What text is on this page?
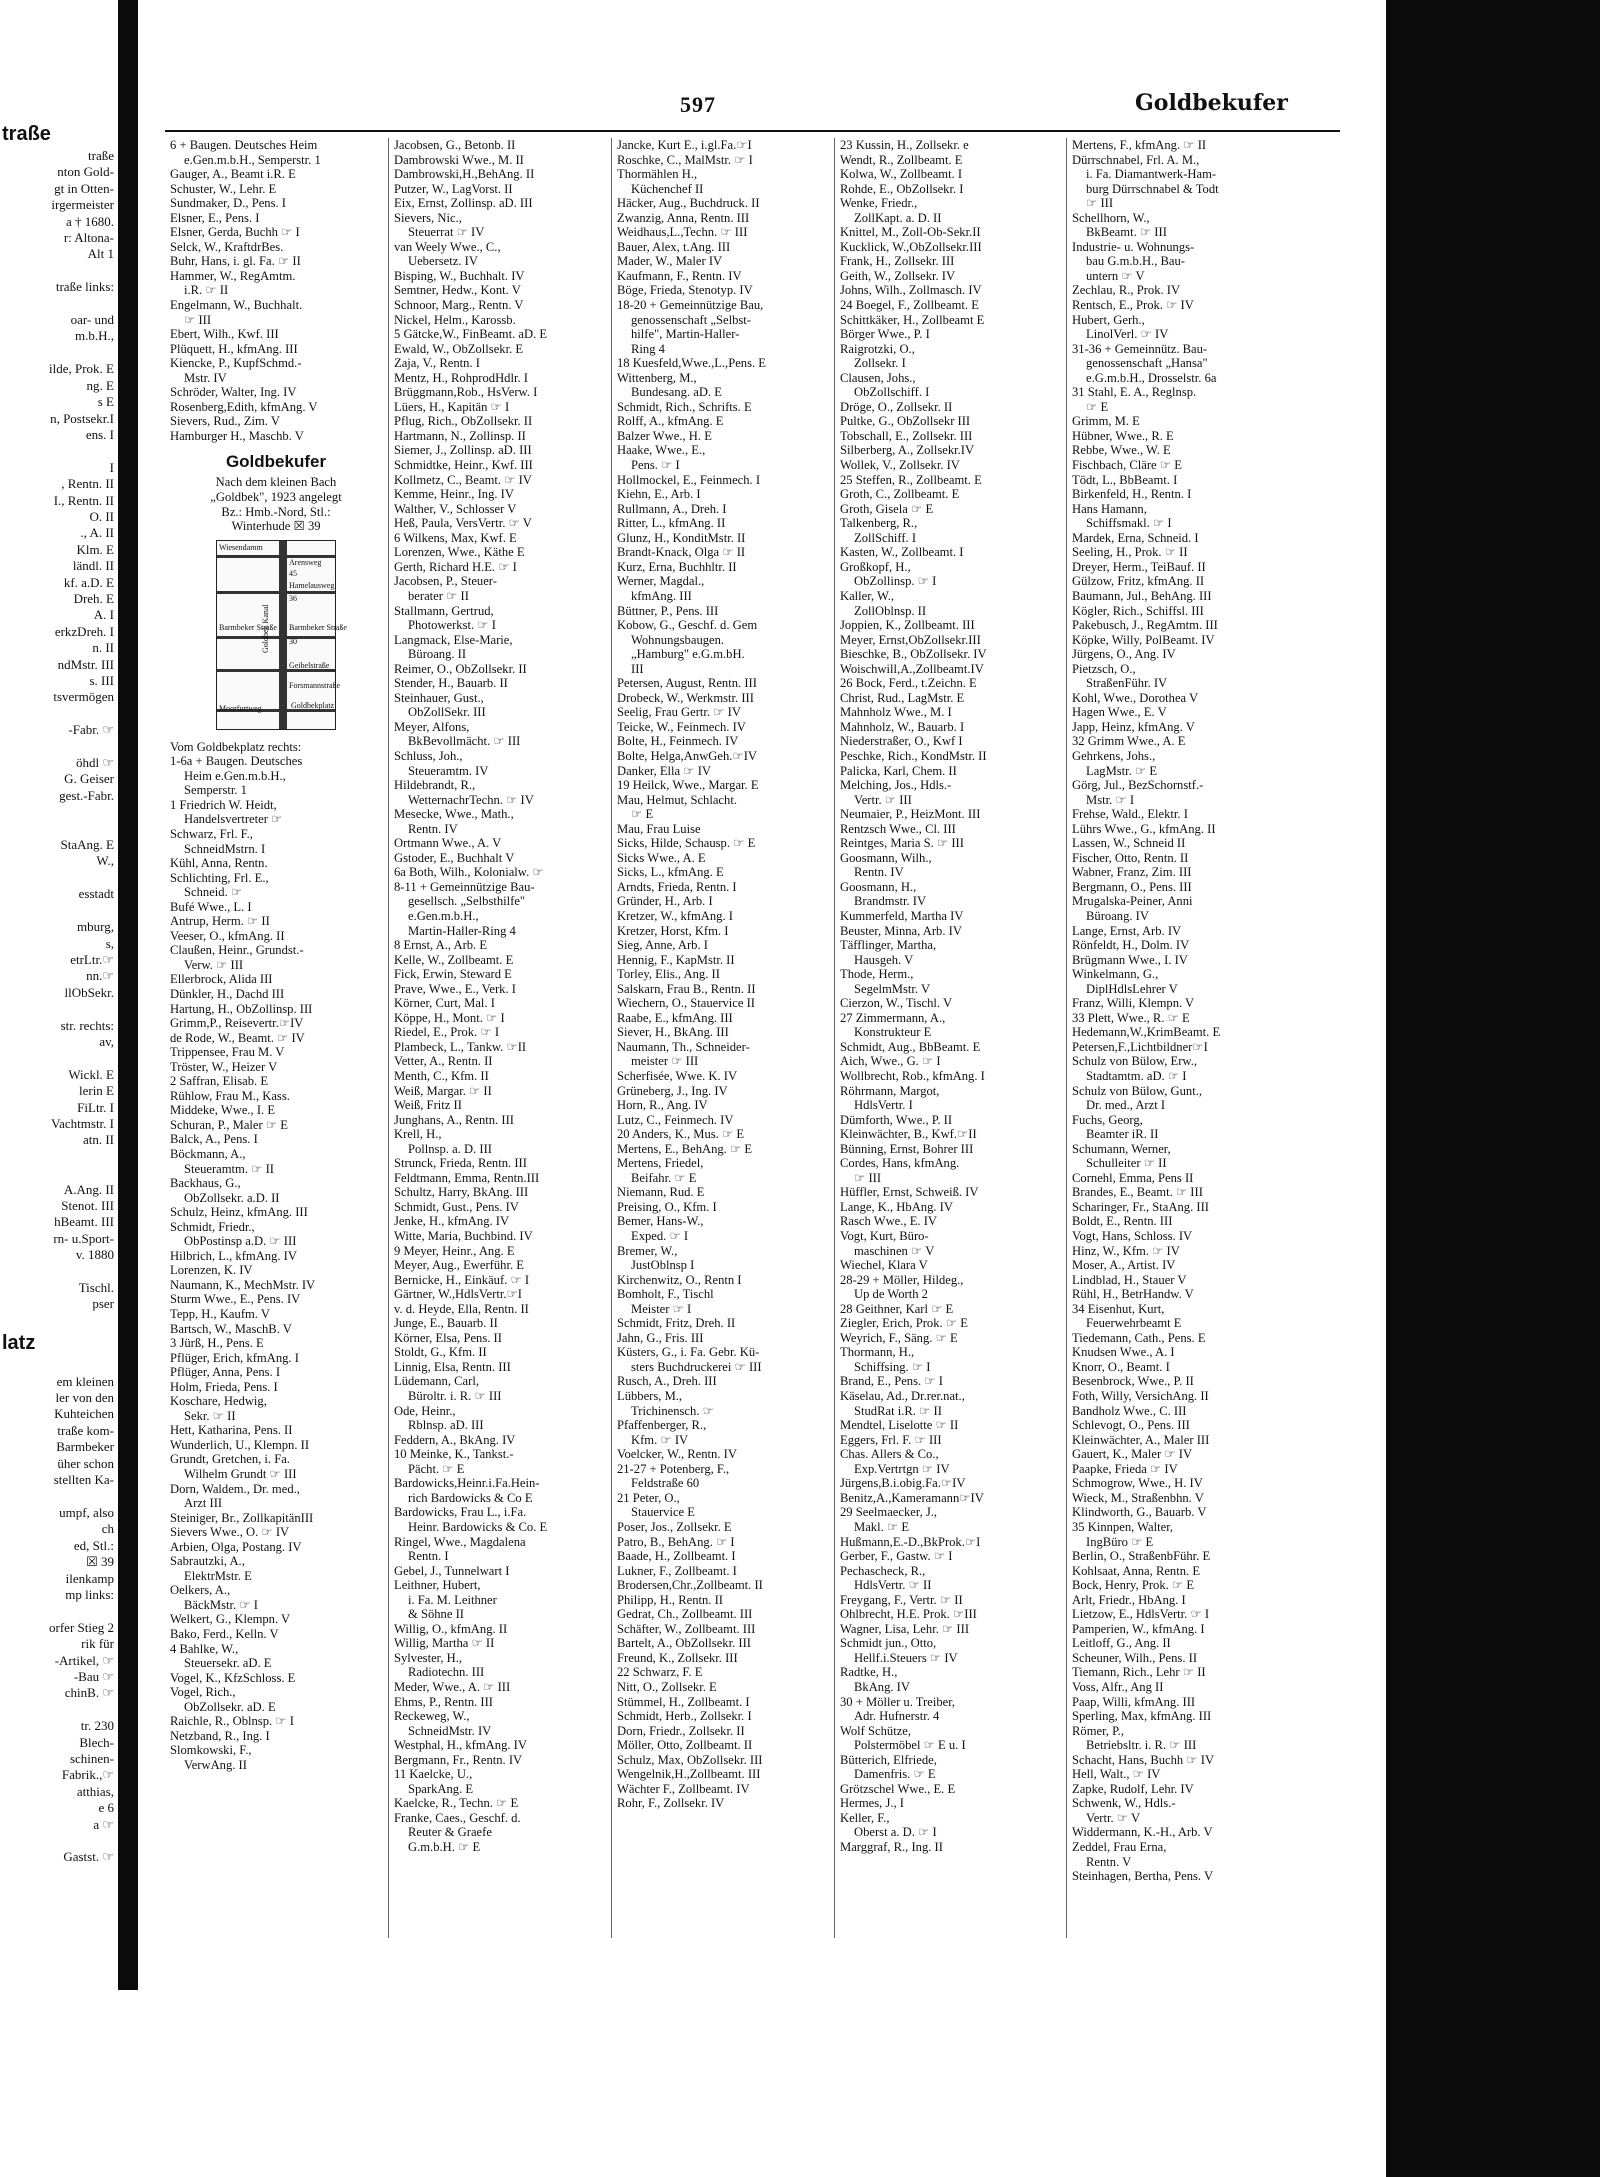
traße
traße
nton Gold-
gt in Otten-
irgermeister
a † 1680.
r: Altona-
Alt 1

traße links:

oar- und
m.b.H.,

ilde, Prok. E
ng. E
s E
n, Postsekr.I
ens. I

I
, Rentn. II
I., Rentn. II
O. II
., A. II
Klm. E
ländl. II
kf. a.D. E
Dreh. E
A. I
erkzDreh. I
n. II
ndMstr. III
s. III
tsvermögen

-Fabr. ☞

öhdl ☞
G. Geiser
gest.-Fabr.

StaAng. E
W.,

esstadt

mburg,
s,
etrLtr.☞
nn.☞
llObSekr.

str. rechts:
av,

Wickl. E
lerin E
FiLtr. I
Vachtmstr. I
atn. II

A.Ang. II
Stenot. III
hBeamt. III
rn- u.Sport-
v. 1880

Tischl.
pser

latz

em kleinen
ler von den
Kuhteichen
traße kom-
Barmbeker
üher schon
stellten Ka-

umpf, also
ch
ed, Stl.:
☒ 39
ilenkamp
mp links:

orfer Stieg 2
rik für
-Artikel, ☞
-Bau ☞
chinB. ☞

tr. 230
Blech-
schinen-
Fabrik.,☞
atthias,
e 6
a ☞

Gastst. ☞
597	Goldbekufer
6 + Baugen. Deutsches Heim
e.Gen.m.b.H., Semperstr. 1
Gauger, A., Beamt i.R. E
Schuster, W., Lehr. E
Sundmaker, D., Pens. I
Elsner, E., Pens. I
Elsner, Gerda, Buchh ☞ I
Selck, W., KraftdrBes.
Buhr, Hans, i. gl. Fa. ☞ II
Hammer, W., RegAmtm.
i.R. ☞ II
Engelmann, W., Buchhalt.
☞ III
Ebert, Wilh., Kwf. III
Plüquett, H., kfmAng. III
Kiencke, P., KupfSchmd.-
Mstr. IV
Schröder, Walter, Ing. IV
Rosenberg,Edith, kfmAng. V
Sievers, Rud., Zim. V
Hamburger H., Maschb. V
Goldbekufer
Nach dem kleinen Bach
„Goldbek", 1923 angelegt
Bz.: Hmb.-Nord, Stl.:
Winterhude ☒ 39
Wiesendamm
Arensweg
45
Hamelausweg
36
Barmbeker Straße Barmbeker Straße
30
Geibelstraße
Forsmannstraße
Goldbekplatz
Moorfurtweg
Goldbek Kanal
Vom Goldbekplatz rechts:
1-6a + Baugen. Deutsches
Heim e.Gen.m.b.H.,
Semperstr. 1
1 Friedrich W. Heidt,
Handelsvertreter ☞
Schwarz, Frl. F.,
SchneidMstrn. I
Kühl, Anna, Rentn.
Schlichting, Frl. E.,
Schneid. ☞
Bufé Wwe., L. I
Antrup, Herm. ☞ II
Veeser, O., kfmAng. II
Claußen, Heinr., Grundst.-
Verw. ☞ III
Ellerbrock, Alida III
Dünkler, H., Dachd III
Hartung, H., ObZollinsp. III
Grimm,P., Reisevertr.☞IV
de Rode, W., Beamt. ☞ IV
Trippensee, Frau M. V
Tröster, W., Heizer V
2 Saffran, Elisab. E
Rühlow, Frau M., Kass.
Middeke, Wwe., I. E
Schuran, P., Maler ☞ E
Balck, A., Pens. I
Böckmann, A.,
Steueramtm. ☞ II
Backhaus, G.,
ObZollsekr. a.D. II
Schulz, Heinz, kfmAng. III
Schmidt, Friedr.,
ObPostinsp a.D. ☞ III
Hilbrich, L., kfmAng. IV
Lorenzen, K. IV
Naumann, K., MechMstr. IV
Sturm Wwe., E., Pens. IV
Tepp, H., Kaufm. V
Bartsch, W., MaschB. V
3 Jürß, H., Pens. E
Pflüger, Erich, kfmAng. I
Pflüger, Anna, Pens. I
Holm, Frieda, Pens. I
Koschare, Hedwig,
Sekr. ☞ II
Hett, Katharina, Pens. II
Wunderlich, U., Klempn. II
Grundt, Gretchen, i. Fa.
Wilhelm Grundt ☞ III
Dorn, Waldem., Dr. med.,
Arzt III
Steiniger, Br., ZollkapitänIII
Sievers Wwe., O. ☞ IV
Arbien, Olga, Postang. IV
Sabrautzki, A.,
ElektrMstr. E
Oelkers, A.,
BäckMstr. ☞ I
Welkert, G., Klempn. V
Bako, Ferd., Kelln. V
4 Bahlke, W.,
Steuersekr. aD. E
Vogel, K., KfzSchloss. E
Vogel, Rich.,
ObZollsekr. aD. E
Raichle, R., Oblnsp. ☞ I
Netzband, R., Ing. I
Slomkowski, F.,
VerwAng. II
Jacobsen, G., Betonb. II
Dambrowski Wwe., M. II
Dambrowski,H.,BehAng. II
Putzer, W., LagVorst. II
Eix, Ernst, Zollinsp. aD. III
Sievers, Nic.,
Steuerrat ☞ IV
van Weely Wwe., C.,
Uebersetz. IV
Bisping, W., Buchhalt. IV
Semtner, Hedw., Kont. V
Schnoor, Marg., Rentn. V
Nickel, Helm., Karossb.
5 Gätcke,W., FinBeamt. aD. E
Ewald, W., ObZollsekr. E
Zaja, V., Rentn. I
Mentz, H., RohprodHdlr. I
Brüggmann,Rob., HsVerw. I
Lüers, H., Kapitän ☞ I
Pflug, Rich., ObZollsekr. II
Hartmann, N., Zollinsp. II
Siemer, J., Zollinsp. aD. III
Schmidtke, Heinr., Kwf. III
Kollmetz, C., Beamt. ☞ IV
Kemme, Heinr., Ing. IV
Walther, V., Schlosser V
Heß, Paula, VersVertr. ☞ V
6 Wilkens, Max, Kwf. E
Lorenzen, Wwe., Käthe E
Gerth, Richard H.E. ☞ I
Jacobsen, P., Steuer-
berater ☞ II
Stallmann, Gertrud,
Photowerkst. ☞ I
Langmack, Else-Marie,
Büroang. II
Reimer, O., ObZollsekr. II
Stender, H., Bauarb. II
Steinhauer, Gust.,
ObZollSekr. III
Meyer, Alfons,
BkBevollmächt. ☞ III
Schluss, Joh.,
Steueramtm. IV
Hildebrandt, R.,
WetternachrTechn. ☞ IV
Mesecke, Wwe., Math.,
Rentn. IV
Ortmann Wwe., A. V
Gstoder, E., Buchhalt V
6a Both, Wilh., Kolonialw. ☞
8-11 + Gemeinnützige Bau-
gesellsch. „Selbsthilfe"
e.Gen.m.b.H.,
Martin-Haller-Ring 4
8 Ernst, A., Arb. E
Kelle, W., Zollbeamt. E
Fick, Erwin, Steward E
Prave, Wwe., E., Verk. I
Körner, Curt, Mal. I
Köppe, H., Mont. ☞ I
Riedel, E., Prok. ☞ I
Plambeck, L., Tankw. ☞II
Vetter, A., Rentn. II
Menth, C., Kfm. II
Weiß, Margar. ☞ II
Weiß, Fritz II
Junghans, A., Rentn. III
Krell, H.,
Pollnsp. a. D. III
Strunck, Frieda, Rentn. III
Feldtmann, Emma, Rentn.III
Schultz, Harry, BkAng. III
Schmidt, Gust., Pens. IV
Jenke, H., kfmAng. IV
Witte, Maria, Buchbind. IV
9 Meyer, Heinr., Ang. E
Meyer, Aug., Ewerführ. E
Bernicke, H., Einkäuf. ☞ I
Gärtner, W.,HdlsVertr.☞I
v. d. Heyde, Ella, Rentn. II
Junge, E., Bauarb. II
Körner, Elsa, Pens. II
Stoldt, G., Kfm. II
Linnig, Elsa, Rentn. III
Lüdemann, Carl,
Büroltr. i. R. ☞ III
Ode, Heinr.,
Rblnsp. aD. III
Feddern, A., BkAng. IV
10 Meinke, K., Tankst.-
Pächt. ☞ E
Bardowicks,Heinr.i.Fa.Hein-
rich Bardowicks & Co E
Bardowicks, Frau L., i.Fa.
Heinr. Bardowicks & Co. E
Ringel, Wwe., Magdalena
Rentn. I
Gebel, J., Tunnelwart I
Leithner, Hubert,
i. Fa. M. Leithner
& Söhne II
Willig, O., kfmAng. II
Willig, Martha ☞ II
Sylvester, H.,
Radiotechn. III
Meder, Wwe., A. ☞ III
Ehms, P., Rentn. III
Reckeweg, W.,
SchneidMstr. IV
Westphal, H., kfmAng. IV
Bergmann, Fr., Rentn. IV
11 Kaelcke, U.,
SparkAng. E
Kaelcke, R., Techn. ☞ E
Franke, Caes., Geschf. d.
Reuter & Graefe
G.m.b.H. ☞ E
Jancke, Kurt E., i.gl.Fa.☞I
Roschke, C., MalMstr. ☞ I
Thormählen H.,
Küchenchef II
Häcker, Aug., Buchdruck. II
Zwanzig, Anna, Rentn. III
Weidhaus,L.,Techn. ☞ III
Bauer, Alex, t.Ang. III
Mader, W., Maler IV
Kaufmann, F., Rentn. IV
Böge, Frieda, Stenotyp. IV
18-20 + Gemeinnützige Bau,
genossenschaft „Selbst-
hilfe", Martin-Haller-
Ring 4
18 Kuesfeld,Wwe.,L.,Pens. E
Wittenberg, M.,
Bundesang. aD. E
Schmidt, Rich., Schrifts. E
Rolff, A., kfmAng. E
Balzer Wwe., H. E
Haake, Wwe., E.,
Pens. ☞ I
Hollmockel, E., Feinmech. I
Kiehn, E., Arb. I
Rullmann, A., Dreh. I
Ritter, L., kfmAng. II
Glunz, H., KonditMstr. II
Brandt-Knack, Olga ☞ II
Kurz, Erna, Buchhltr. II
Werner, Magdal.,
kfmAng. III
Büttner, P., Pens. III
Kobow, G., Geschf. d. Gem
Wohnungsbaugen.
„Hamburg" e.G.m.bH.
III
Petersen, August, Rentn. III
Drobeck, W., Werkmstr. III
Seelig, Frau Gertr. ☞ IV
Teicke, W., Feinmech. IV
Bolte, H., Feinmech. IV
Bolte, Helga,AnwGeh.☞IV
Danker, Ella ☞ IV
19 Heilck, Wwe., Margar. E
Mau, Helmut, Schlacht.
☞ E
Mau, Frau Luise
Sicks, Hilde, Schausp. ☞ E
Sicks Wwe., A. E
Sicks, L., kfmAng. E
Arndts, Frieda, Rentn. I
Gründer, H., Arb. I
Kretzer, W., kfmAng. I
Kretzer, Horst, Kfm. I
Sieg, Anne, Arb. I
Hennig, F., KapMstr. II
Torley, Elis., Ang. II
Salskarn, Frau B., Rentn. II
Wiechern, O., Stauervice II
Raabe, E., kfmAng. III
Siever, H., BkAng. III
Naumann, Th., Schneider-
meister ☞ III
Scherfisée, Wwe. K. IV
Grüneberg, J., Ing. IV
Horn, R., Ang. IV
Lutz, C., Feinmech. IV
20 Anders, K., Mus. ☞ E
Mertens, E., BehAng. ☞ E
Mertens, Friedel,
Beifahr. ☞ E
Niemann, Rud. E
Preising, O., Kfm. I
Bemer, Hans-W.,
Exped. ☞ I
Bremer, W.,
JustOblnsp I
Kirchenwitz, O., Rentn I
Bomholt, F., Tischl
Meister ☞ I
Schmidt, Fritz, Dreh. II
Jahn, G., Fris. III
Küsters, G., i. Fa. Gebr. Kü-
sters Buchdruckerei ☞ III
Rusch, A., Dreh. III
Lübbers, M.,
Trichinensch. ☞
Pfaffenberger, R.,
Kfm. ☞ IV
Voelcker, W., Rentn. IV
21-27 + Potenberg, F.,
Feldstraße 60
21 Peter, O.,
Stauervice E
Poser, Jos., Zollsekr. E
Patro, B., BehAng. ☞ I
Baade, H., Zollbeamt. I
Lukner, F., Zollbeamt. I
Brodersen,Chr.,Zollbeamt. II
Philipp, H., Rentn. II
Gedrat, Ch., Zollbeamt. III
Schäfter, W., Zollbeamt. III
Bartelt, A., ObZollsekr. III
Freund, K., Zollsekr. III
22 Schwarz, F. E
Nitt, O., Zollsekr. E
Stümmel, H., Zollbeamt. I
Schmidt, Herb., Zollsekr. I
Dorn, Friedr., Zollsekr. II
Möller, Otto, Zollbeamt. II
Schulz, Max, ObZollsekr. III
Wengelnik,H.,Zollbeamt. III
Wächter F., Zollbeamt. IV
Rohr, F., Zollsekr. IV
23 Kussin, H., Zollsekr. e
Wendt, R., Zollbeamt. E
Kolwa, W., Zollbeamt. I
Rohde, E., ObZollsekr. I
Wenke, Friedr.,
ZollKapt. a. D. II
Knittel, M., Zoll-Ob-Sekr.II
Kucklick, W.,ObZollsekr.III
Frank, H., Zollsekr. III
Geith, W., Zollsekr. IV
Johns, Wilh., Zollmasch. IV
24 Boegel, F., Zollbeamt. E
Schittkäker, H., Zollbeamt E
Börger Wwe., P. I
Raigrotzki, O.,
Zollsekr. I
Clausen, Johs.,
ObZollschiff. I
Dröge, O., Zollsekr. II
Pultke, G., ObZollsekr III
Tobschall, E., Zollsekr. III
Silberberg, A., Zollsekr.IV
Wollek, V., Zollsekr. IV
25 Steffen, R., Zollbeamt. E
Groth, C., Zollbeamt. E
Groth, Gisela ☞ E
Talkenberg, R.,
ZollSchiff. I
Kasten, W., Zollbeamt. I
Großkopf, H.,
ObZollinsp. ☞ I
Kaller, W.,
ZollOblnsp. II
Joppien, K., Zollbeamt. III
Meyer, Ernst,ObZollsekr.III
Bieschke, B., ObZollsekr. IV
Woischwill,A.,Zollbeamt.IV
26 Bock, Ferd., t.Zeichn. E
Christ, Rud., LagMstr. E
Mahnholz Wwe., M. I
Mahnholz, W., Bauarb. I
Niederstraßer, O., Kwf I
Peschke, Rich., KondMstr. II
Palicka, Karl, Chem. II
Melching, Jos., Hdls.-
Vertr. ☞ III
Neumaier, P., HeizMont. III
Rentzsch Wwe., Cl. III
Reintges, Maria S. ☞ III
Goosmann, Wilh.,
Rentn. IV
Goosmann, H.,
Brandmstr. IV
Kummerfeld, Martha IV
Beuster, Minna, Arb. IV
Täfflinger, Martha,
Hausgeh. V
Thode, Herm.,
SegelmMstr. V
Cierzon, W., Tischl. V
27 Zimmermann, A.,
Konstrukteur E
Schmidt, Aug., BbBeamt. E
Aich, Wwe., G. ☞ I
Wollbrecht, Rob., kfmAng. I
Röhrmann, Margot,
HdlsVertr. I
Dümforth, Wwe., P. II
Kleinwächter, B., Kwf.☞II
Bünning, Ernst, Bohrer III
Cordes, Hans, kfmAng.
☞ III
Hüffler, Ernst, Schweiß. IV
Lange, K., HbAng. IV
Rasch Wwe., E. IV
Vogt, Kurt, Büro-
maschinen ☞ V
Wiechel, Klara V
28-29 + Möller, Hildeg.,
Up de Worth 2
28 Geithner, Karl ☞ E
Ziegler, Erich, Prok. ☞ E
Weyrich, F., Säng. ☞ E
Thormann, H.,
Schiffsing. ☞ I
Brand, E., Pens. ☞ I
Käselau, Ad., Dr.rer.nat.,
StudRat i.R. ☞ II
Mendtel, Liselotte ☞ II
Eggers, Frl. F. ☞ III
Chas. Allers & Co.,
Exp.Vertrtgn ☞ IV
Jürgens,B.i.obig.Fa.☞IV
Benitz,A.,Kameramann☞IV
29 Seelmaecker, J.,
Makl. ☞ E
Hußmann,E.-D.,BkProk.☞I
Gerber, F., Gastw. ☞ I
Pechascheck, R.,
HdlsVertr. ☞ II
Freygang, F., Vertr. ☞ II
Ohlbrecht, H.E. Prok. ☞III
Wagner, Lisa, Lehr. ☞ III
Schmidt jun., Otto,
Hellf.i.Steuers ☞ IV
Radtke, H.,
BkAng. IV
30 + Möller u. Treiber,
Adr. Hufnerstr. 4
Wolf Schütze,
Polstermöbel ☞ E u. I
Bütterich, Elfriede,
Damenfris. ☞ E
Grötzschel Wwe., E. E
Hermes, J., I
Keller, F.,
Oberst a. D. ☞ I
Marggraf, R., Ing. II
Mertens, F., kfmAng. ☞ II
Dürrschnabel, Frl. A. M.,
i. Fa. Diamantwerk-Ham-
burg Dürrschnabel & Todt
☞ III
Schellhorn, W.,
BkBeamt. ☞ III
Industrie- u. Wohnungs-
bau G.m.b.H., Bau-
untern ☞ V
Zechlau, R., Prok. IV
Rentsch, E., Prok. ☞ IV
Hubert, Gerh.,
LinolVerl. ☞ IV
31-36 + Gemeinnütz. Bau-
genossenschaft „Hansa"
e.G.m.b.H., Drosselstr. 6a
31 Stahl, E. A., Reglnsp.
☞ E
Grimm, M. E
Hübner, Wwe., R. E
Rebbe, Wwe., W. E
Fischbach, Cläre ☞ E
Tödt, L., BbBeamt. I
Birkenfeld, H., Rentn. I
Hans Hamann,
Schiffsmakl. ☞ I
Mardek, Erna, Schneid. I
Seeling, H., Prok. ☞ II
Dreyer, Herm., TeiBauf. II
Gülzow, Fritz, kfmAng. II
Baumann, Jul., BehAng. III
Kögler, Rich., Schiffsl. III
Pakebusch, J., RegAmtm. III
Köpke, Willy, PolBeamt. IV
Jürgens, O., Ang. IV
Pietzsch, O.,
StraßenFühr. IV
Kohl, Wwe., Dorothea V
Hagen Wwe., E. V
Japp, Heinz, kfmAng. V
32 Grimm Wwe., A. E
Gehrkens, Johs.,
LagMstr. ☞ E
Görg, Jul., BezSchornstf.-
Mstr. ☞ I
Frehse, Wald., Elektr. I
Lührs Wwe., G., kfmAng. II
Lassen, W., Schneid II
Fischer, Otto, Rentn. II
Wabner, Franz, Zim. III
Bergmann, O., Pens. III
Mrugalska-Peiner, Anni
Büroang. IV
Lange, Ernst, Arb. IV
Rönfeldt, H., Dolm. IV
Brügmann Wwe., I. IV
Winkelmann, G.,
DiplHdlsLehrer V
Franz, Willi, Klempn. V
33 Plett, Wwe., R. ☞ E
Hedemann,W.,KrimBeamt. E
Petersen,F.,Lichtbildner☞I
Schulz von Bülow, Erw.,
Stadtamtm. aD. ☞ I
Schulz von Bülow, Gunt.,
Dr. med., Arzt I
Fuchs, Georg,
Beamter iR. II
Schumann, Werner,
Schulleiter ☞ II
Cornehl, Emma, Pens II
Brandes, E., Beamt. ☞ III
Scharinger, Fr., StaAng. III
Boldt, E., Rentn. III
Vogt, Hans, Schloss. IV
Hinz, W., Kfm. ☞ IV
Moser, A., Artist. IV
Lindblad, H., Stauer V
Rühl, H., BetrHandw. V
34 Eisenhut, Kurt,
Feuerwehrbeamt E
Tiedemann, Cath., Pens. E
Knudsen Wwe., A. I
Knorr, O., Beamt. I
Besenbrock, Wwe., P. II
Foth, Willy, VersichAng. II
Bandholz Wwe., C. III
Schlevogt, O., Pens. III
Kleinwächter, A., Maler III
Gauert, K., Maler ☞ IV
Paapke, Frieda ☞ IV
Schmogrow, Wwe., H. IV
Wieck, M., Straßenbhn. V
Klindworth, G., Bauarb. V
35 Kinnpen, Walter,
IngBüro ☞ E
Berlin, O., StraßenbFühr. E
Kohlsaat, Anna, Rentn. E
Bock, Henry, Prok. ☞ E
Arlt, Friedr., HbAng. I
Lietzow, E., HdlsVertr. ☞ I
Pamperien, W., kfmAng. I
Leitloff, G., Ang. II
Scheuner, Wilh., Pens. II
Tiemann, Rich., Lehr ☞ II
Voss, Alfr., Ang II
Paap, Willi, kfmAng. III
Sperling, Max, kfmAng. III
Römer, P.,
Betriebsltr. i. R. ☞ III
Schacht, Hans, Buchh ☞ IV
Hell, Walt., ☞ IV
Zapke, Rudolf, Lehr. IV
Schwenk, W., Hdls.-
Vertr. ☞ V
Widdermann, K.-H., Arb. V
Zeddel, Frau Erna,
Rentn. V
Steinhagen, Bertha, Pens. V
